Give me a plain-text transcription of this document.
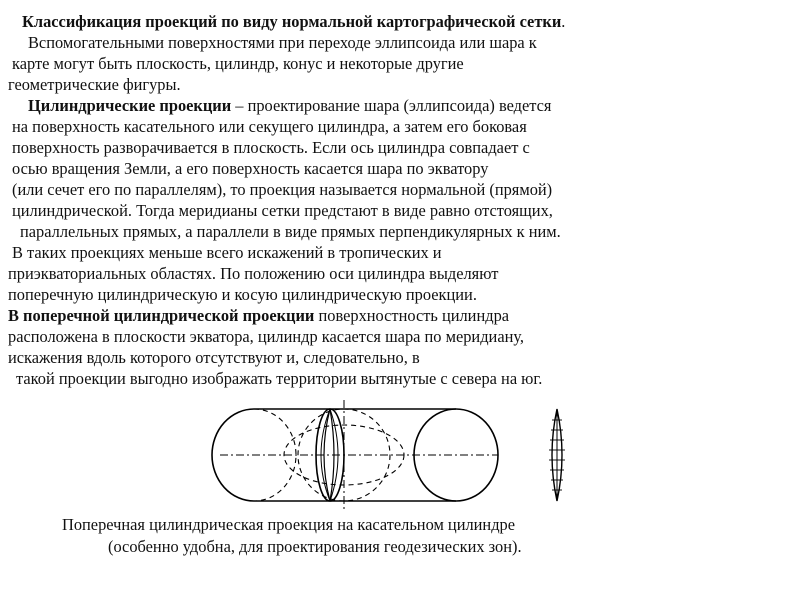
Классификация проекций по виду нормальной картографической сетки.
Вспомогательными поверхностями при переходе эллипсоида или шара к
карте могут быть плоскость, цилиндр, конус и некоторые другие
геометрические фигуры.
Цилиндрические проекции – проектирование шара (эллипсоида) ведется
на поверхность касательного или секущего цилиндра, а затем его боковая
поверхность разворачивается в плоскость. Если ось цилиндра совпадает с
осью вращения Земли, а его поверхность касается шара по экватору
(или сечет его по параллелям), то проекция называется нормальной (прямой)
цилиндрической. Тогда меридианы сетки предстают в виде равно отстоящих,
параллельных прямых, а параллели в виде прямых перпендикулярных к ним.
В таких проекциях меньше всего искажений в тропических и
приэкваториальных областях. По положению оси цилиндра выделяют
поперечную цилиндрическую и косую цилиндрическую проекции.
В поперечной цилиндрической проекции поверхностность цилиндра
расположена в плоскости экватора, цилиндр касается шара по меридиану,
искажения вдоль которого отсутствуют и, следовательно, в
такой проекции выгодно изображать территории вытянутые с севера на юг.
Поперечная цилиндрическая проекция на касательном цилиндре
(особенно удобна, для проектирования геодезических зон).
